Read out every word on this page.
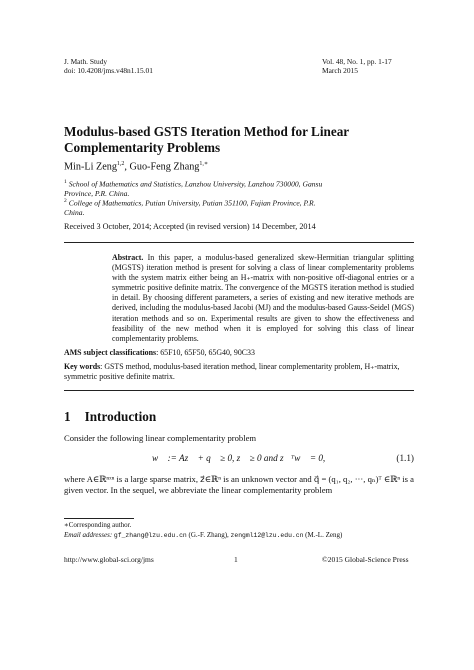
J. Math. Study
doi: 10.4208/jms.v48n1.15.01
Vol. 48, No. 1, pp. 1-17
March 2015
Modulus-based GSTS Iteration Method for Linear
Complementarity Problems
Min-Li Zeng$^{1,2}$, Guo-Feng Zhang$^{1,∗}$
$^1$ School of Mathematics and Statistics, Lanzhou University, Lanzhou 730000, Gansu
Province, P.R. China.
$^2$ College of Mathematics, Putian University, Putian 351100, Fujian Province, P.R.
China.
Received 3 October, 2014; Accepted (in revised version) 14 December, 2014
Abstract. In this paper, a modulus-based generalized skew-Hermitian triangular splitting (MGSTS) iteration method is present for solving a class of linear complementarity problems with the system matrix either being an H₊-matrix with non-positive off-diagonal entries or a symmetric positive definite matrix. The convergence of the MGSTS iteration method is studied in detail. By choosing different parameters, a series of existing and new iterative methods are derived, including the modulus-based Jacobi (MJ) and the modulus-based Gauss-Seidel (MGS) iteration methods and so on. Experimental results are given to show the effectiveness and feasibility of the new method when it is employed for solving this class of linear complementarity problems.
AMS subject classifications: 65F10, 65F50, 65G40, 90C33
Key words: GSTS method, modulus-based iteration method, linear complementarity problem, H₊-matrix, symmetric positive definite matrix.
1 Introduction
Consider the following linear complementarity problem
w⃗ := Az⃗ + q⃗ ≥ 0, z⃗ ≥ 0 and z⃗ᵀw⃗ = 0,	(1.1)
where A∈ℝⁿˣⁿ is a large sparse matrix, z⃗∈ℝⁿ is an unknown vector and q⃗ = (q₁, q₂, ···, qₙ)ᵀ ∈ℝⁿ is a given vector. In the sequel, we abbreviate the linear complementarity problem
∗Corresponding author.
Email addresses: gf_zhang@lzu.edu.cn (G.-F. Zhang), zengml12@lzu.edu.cn (M.-L. Zeng)
http://www.global-sci.org/jms	1	©2015 Global-Science Press
